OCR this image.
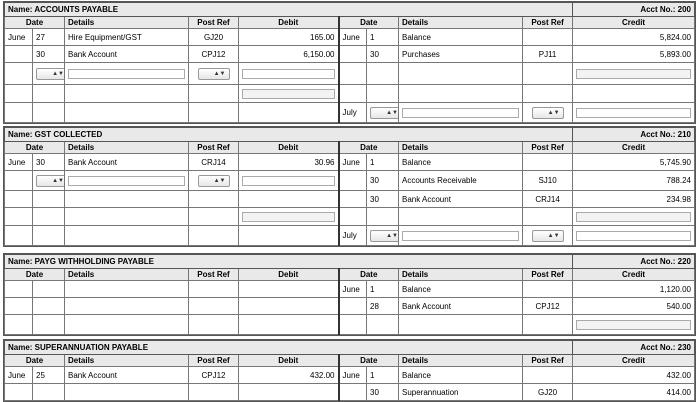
Name: ACCOUNTS PAYABLE									Acct No.: 200
Date		Details	Post Ref	Debit	Date		Details	Post Ref	Credit
June	27	Hire Equipment/GST	GJ20	165.00	June	1	Balance		5,824.00
	30	Bank Account	CPJ12	6,150.00		30	Purchases	PJ11	5,893.00

	▲▼		▲▼						

					July	▲▼		▲▼	

Name: GST COLLECTED									Acct No.: 210
Date		Details	Post Ref	Debit	Date		Details	Post Ref	Credit
June	30	Bank Account	CRJ14	30.96	June	1	Balance		5,745.90

	▲▼		▲▼			30	Accounts Receivable	SJ10	788.24
						30	Bank Account	CRJ14	234.98

					July	▲▼		▲▼	

Name: PAYG WITHHOLDING PAYABLE									Acct No.: 220
Date		Details	Post Ref	Debit	Date		Details	Post Ref	Credit
					June	1	Balance		1,120.00
						28	Bank Account	CPJ12	540.00

Name: SUPERANNUATION PAYABLE									Acct No.: 230
Date		Details	Post Ref	Debit	Date		Details	Post Ref	Credit
June	25	Bank Account	CPJ12	432.00	June	1	Balance		432.00
						30	Superannuation	GJ20	414.00
